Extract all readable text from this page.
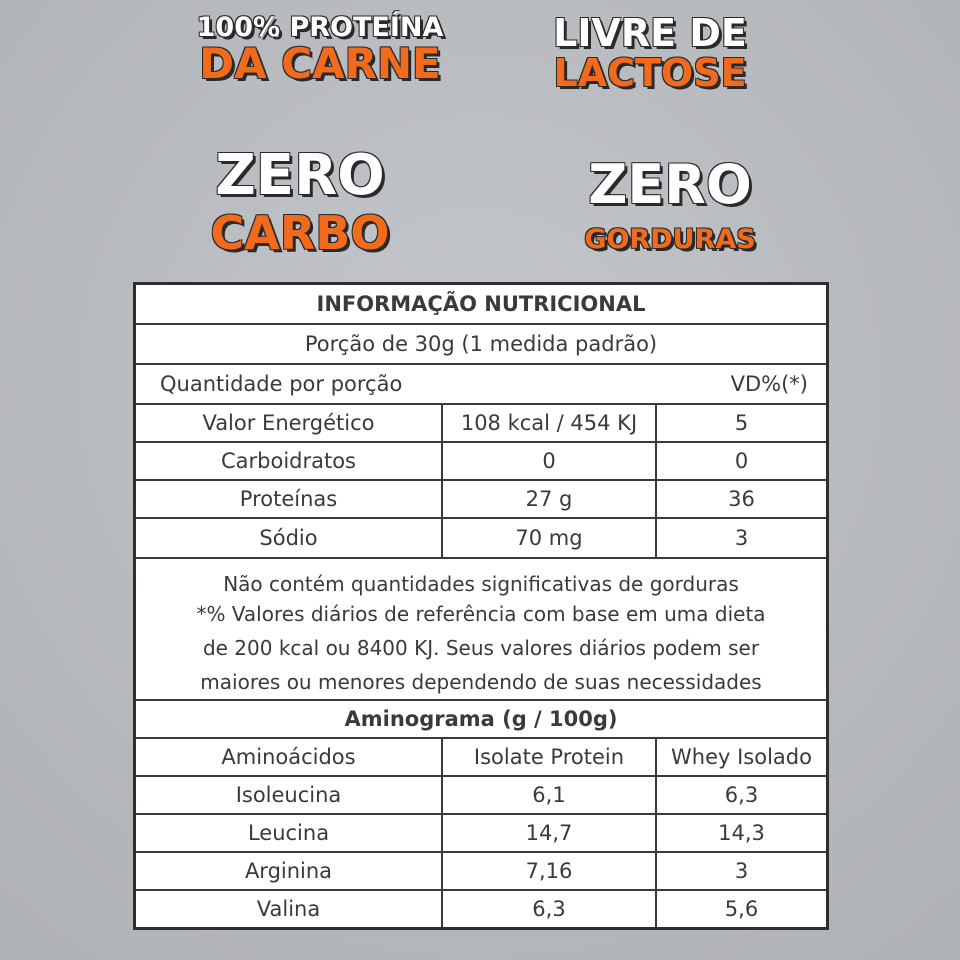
100% PROTEÍNA
DA CARNE
LIVRE DE
LACTOSE
ZERO
CARBO
ZERO
GORDURAS
INFORMAÇÃO NUTRICIONAL
Porção de 30g (1 medida padrão)
Quantidade por porção	VD%(*)
Valor Energético	108 kcal / 454 KJ	5
Carboidratos	0	0
Proteínas	27 g	36
Sódio	70 mg	3
Não contém quantidades significativas de gorduras
*% Valores diários de referência com base em uma dieta
de 200 kcal ou 8400 KJ. Seus valores diários podem ser
maiores ou menores dependendo de suas necessidades
Aminograma (g / 100g)
Aminoácidos	Isolate Protein	Whey Isolado
Isoleucina	6,1	6,3
Leucina	14,7	14,3
Arginina	7,16	3
Valina	6,3	5,6
